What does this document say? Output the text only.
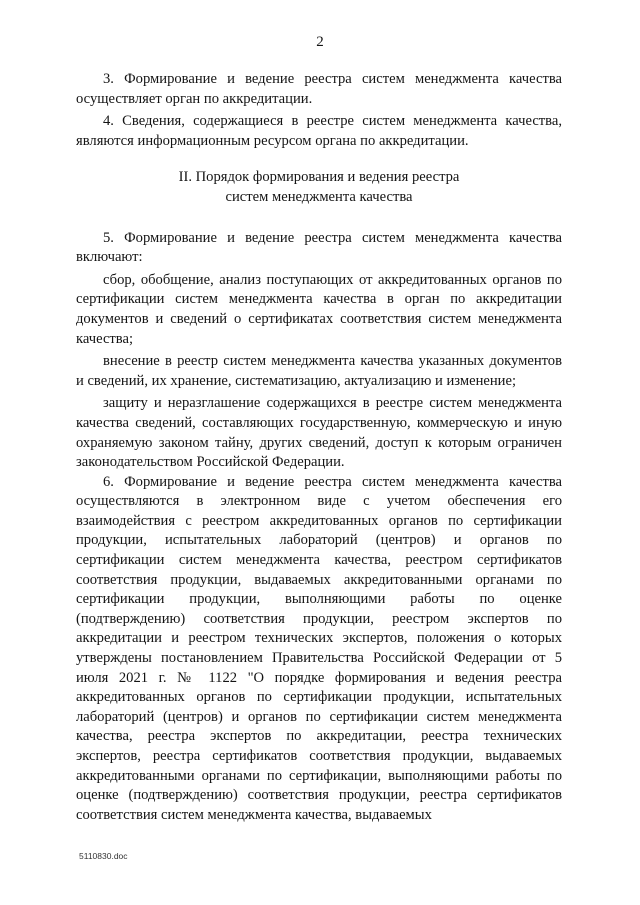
2

3. Формирование и ведение реестра систем менеджмента качества осуществляет орган по аккредитации.

4. Сведения, содержащиеся в реестре систем менеджмента качества, являются информационным ресурсом органа по аккредитации.

II. Порядок формирования и ведения реестра
систем менеджмента качества

5. Формирование и ведение реестра систем менеджмента качества включают:

сбор, обобщение, анализ поступающих от аккредитованных органов по сертификации систем менеджмента качества в орган по аккредитации документов и сведений о сертификатах соответствия систем менеджмента качества;

внесение в реестр систем менеджмента качества указанных документов и сведений, их хранение, систематизацию, актуализацию и изменение;

защиту и неразглашение содержащихся в реестре систем менеджмента качества сведений, составляющих государственную, коммерческую и иную охраняемую законом тайну, других сведений, доступ к которым ограничен законодательством Российской Федерации.

6. Формирование и ведение реестра систем менеджмента качества осуществляются в электронном виде с учетом обеспечения его взаимодействия с реестром аккредитованных органов по сертификации продукции, испытательных лабораторий (центров) и органов по сертификации систем менеджмента качества, реестром сертификатов соответствия продукции, выдаваемых аккредитованными органами по сертификации продукции, выполняющими работы по оценке (подтверждению) соответствия продукции, реестром экспертов по аккредитации и реестром технических экспертов, положения о которых утверждены постановлением Правительства Российской Федерации от 5 июля 2021 г. № 1122 "О порядке формирования и ведения реестра аккредитованных органов по сертификации продукции, испытательных лабораторий (центров) и органов по сертификации систем менеджмента качества, реестра экспертов по аккредитации, реестра технических экспертов, реестра сертификатов соответствия продукции, выдаваемых аккредитованными органами по сертификации, выполняющими работы по оценке (подтверждению) соответствия продукции, реестра сертификатов соответствия систем менеджмента качества, выдаваемых

5110830.doc
